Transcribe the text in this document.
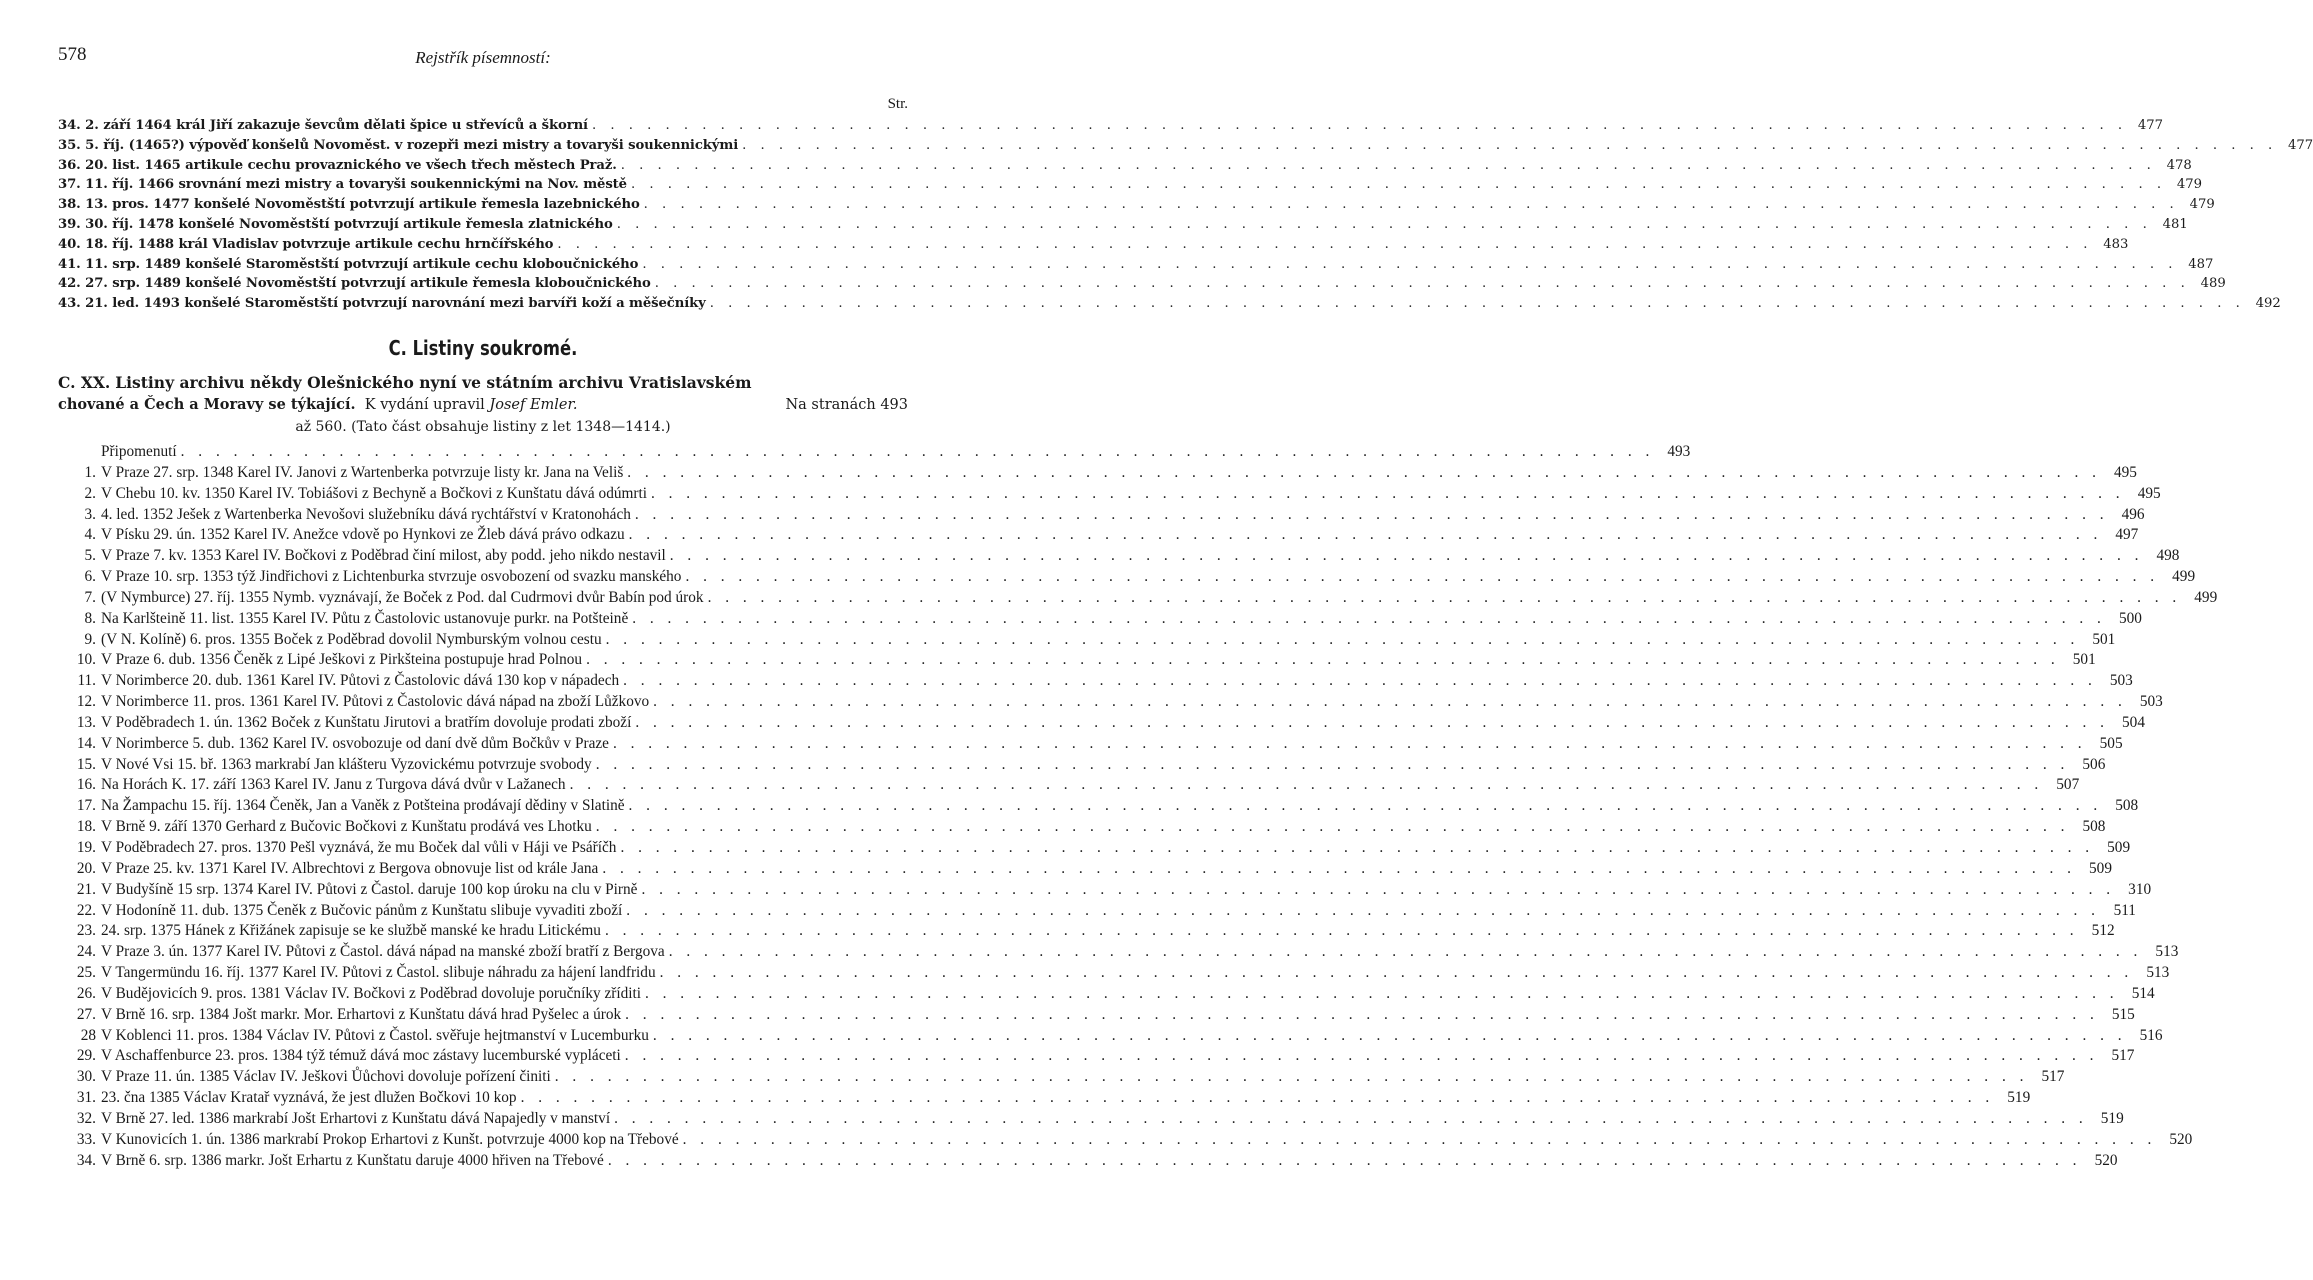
578	Rejstřík písemností:
Str.
34. 2. září 1464 král Jiří zakazuje ševcům dělati špice u střevíců a škorní . . . . . . . . . . . . . . . . . . . . . . . . . . . . . . . . . . . . . . . . . . . . . . . . . . . . . . . . . . . . . . . . . . . . . . . . . . . . . . . . . . . . 477
35. 5. říj. (1465?) výpověď konšelů Novoměst. v rozepři mezi mistry a tovaryši soukennickými . . . . . . . . . . . . . . . . . . . . . . . . . . . . . . . . . . . . . . . . . . . . . . . . . . . . . . . . . . . . . . . . . . . . . . . . . . . . . . . . . . . . 477
36. 20. list. 1465 artikule cechu provaznického ve všech třech městech Praž. . . . . . . . . . . . . . . . . . . . . . . . . . . . . . . . . . . . . . . . . . . . . . . . . . . . . . . . . . . . . . . . . . . . . . . . . . . . . . . . . . . . . 478
37. 11. říj. 1466 srovnání mezi mistry a tovaryši soukennickými na Nov. městě . . . . . . . . . . . . . . . . . . . . . . . . . . . . . . . . . . . . . . . . . . . . . . . . . . . . . . . . . . . . . . . . . . . . . . . . . . . . . . . . . . . . 479
38. 13. pros. 1477 konšelé Novoměstští potvrzují artikule řemesla lazebnického . . . . . . . . . . . . . . . . . . . . . . . . . . . . . . . . . . . . . . . . . . . . . . . . . . . . . . . . . . . . . . . . . . . . . . . . . . . . . . . . . . . . 479
39. 30. říj. 1478 konšelé Novoměstští potvrzují artikule řemesla zlatnického . . . . . . . . . . . . . . . . . . . . . . . . . . . . . . . . . . . . . . . . . . . . . . . . . . . . . . . . . . . . . . . . . . . . . . . . . . . . . . . . . . . . 481
40. 18. říj. 1488 král Vladislav potvrzuje artikule cechu hrnčířského . . . . . . . . . . . . . . . . . . . . . . . . . . . . . . . . . . . . . . . . . . . . . . . . . . . . . . . . . . . . . . . . . . . . . . . . . . . . . . . . . . . . 483
41. 11. srp. 1489 konšelé Staroměstští potvrzují artikule cechu kloboučnického . . . . . . . . . . . . . . . . . . . . . . . . . . . . . . . . . . . . . . . . . . . . . . . . . . . . . . . . . . . . . . . . . . . . . . . . . . . . . . . . . . . . 487
42. 27. srp. 1489 konšelé Novoměstští potvrzují artikule řemesla kloboučnického . . . . . . . . . . . . . . . . . . . . . . . . . . . . . . . . . . . . . . . . . . . . . . . . . . . . . . . . . . . . . . . . . . . . . . . . . . . . . . . . . . . . 489
43. 21. led. 1493 konšelé Staroměstští potvrzují narovnání mezi barvíři koží a měšečníky . . . . . . . . . . . . . . . . . . . . . . . . . . . . . . . . . . . . . . . . . . . . . . . . . . . . . . . . . . . . . . . . . . . . . . . . . . . . . . . . . . . . 492
C. Listiny soukromé.
C. XX. Listiny archivu někdy Olešnického nyní ve státním archivu Vratislavském
chované a Čech a Moravy se týkající. K vydání upravil Josef Emler.	Na stranách 493
až 560. (Tato část obsahuje listiny z let 1348—1414.)
Připomenutí . . . . . . . . . . . . . . . . . . . . . . . . . . . . . . . . . . . . . . . . . . . . . . . . . . . . . . . . . . . . . . . . . . . . . . . . . . . . . . . . . . . . 493
1. V Praze 27. srp. 1348 Karel IV. Janovi z Wartenberka potvrzuje listy kr. Jana na Veliš . . . . . . . . . . . . . . . . . . . . . . . . . . . . . . . . . . . . . . . . . . . . . . . . . . . . . . . . . . . . . . . . . . . . . . . . . . . . . . . . . . . . 495
2. V Chebu 10. kv. 1350 Karel IV. Tobiášovi z Bechyně a Bočkovi z Kunštatu dává odúmrti . . . . . . . . . . . . . . . . . . . . . . . . . . . . . . . . . . . . . . . . . . . . . . . . . . . . . . . . . . . . . . . . . . . . . . . . . . . . . . . . . . . . 495
3. 4. led. 1352 Ješek z Wartenberka Nevošovi služebníku dává rychtářství v Kratonohách . . . . . . . . . . . . . . . . . . . . . . . . . . . . . . . . . . . . . . . . . . . . . . . . . . . . . . . . . . . . . . . . . . . . . . . . . . . . . . . . . . . . 496
4. V Písku 29. ún. 1352 Karel IV. Anežce vdově po Hynkovi ze Žleb dává právo odkazu . . . . . . . . . . . . . . . . . . . . . . . . . . . . . . . . . . . . . . . . . . . . . . . . . . . . . . . . . . . . . . . . . . . . . . . . . . . . . . . . . . . . 497
5. V Praze 7. kv. 1353 Karel IV. Bočkovi z Poděbrad činí milost, aby podd. jeho nikdo nestavil . . . . . . . . . . . . . . . . . . . . . . . . . . . . . . . . . . . . . . . . . . . . . . . . . . . . . . . . . . . . . . . . . . . . . . . . . . . . . . . . . . . . 498
6. V Praze 10. srp. 1353 týž Jindřichovi z Lichtenburka stvrzuje osvobození od svazku manského . . . . . . . . . . . . . . . . . . . . . . . . . . . . . . . . . . . . . . . . . . . . . . . . . . . . . . . . . . . . . . . . . . . . . . . . . . . . . . . . . . . . 499
7. (V Nymburce) 27. říj. 1355 Nymb. vyznávají, že Boček z Pod. dal Cudrmovi dvůr Babín pod úrok . . . . . . . . . . . . . . . . . . . . . . . . . . . . . . . . . . . . . . . . . . . . . . . . . . . . . . . . . . . . . . . . . . . . . . . . . . . . . . . . . . . . 499
8. Na Karlšteině 11. list. 1355 Karel IV. Půtu z Častolovic ustanovuje purkr. na Potšteině . . . . . . . . . . . . . . . . . . . . . . . . . . . . . . . . . . . . . . . . . . . . . . . . . . . . . . . . . . . . . . . . . . . . . . . . . . . . . . . . . . . . 500
9. (V N. Kolíně) 6. pros. 1355 Boček z Poděbrad dovolil Nymburským volnou cestu . . . . . . . . . . . . . . . . . . . . . . . . . . . . . . . . . . . . . . . . . . . . . . . . . . . . . . . . . . . . . . . . . . . . . . . . . . . . . . . . . . . . 501
10. V Praze 6. dub. 1356 Čeněk z Lipé Ješkovi z Pirkšteina postupuje hrad Polnou . . . . . . . . . . . . . . . . . . . . . . . . . . . . . . . . . . . . . . . . . . . . . . . . . . . . . . . . . . . . . . . . . . . . . . . . . . . . . . . . . . . . 501
11. V Norimberce 20. dub. 1361 Karel IV. Půtovi z Častolovic dává 130 kop v nápadech . . . . . . . . . . . . . . . . . . . . . . . . . . . . . . . . . . . . . . . . . . . . . . . . . . . . . . . . . . . . . . . . . . . . . . . . . . . . . . . . . . . . 503
12. V Norimberce 11. pros. 1361 Karel IV. Půtovi z Častolovic dává nápad na zboží Lůžkovo . . . . . . . . . . . . . . . . . . . . . . . . . . . . . . . . . . . . . . . . . . . . . . . . . . . . . . . . . . . . . . . . . . . . . . . . . . . . . . . . . . . . 503
13. V Poděbradech 1. ún. 1362 Boček z Kunštatu Jirutovi a bratřím dovoluje prodati zboží . . . . . . . . . . . . . . . . . . . . . . . . . . . . . . . . . . . . . . . . . . . . . . . . . . . . . . . . . . . . . . . . . . . . . . . . . . . . . . . . . . . . 504
14. V Norimberce 5. dub. 1362 Karel IV. osvobozuje od daní dvě dům Bočkův v Praze . . . . . . . . . . . . . . . . . . . . . . . . . . . . . . . . . . . . . . . . . . . . . . . . . . . . . . . . . . . . . . . . . . . . . . . . . . . . . . . . . . . . 505
15. V Nové Vsi 15. bř. 1363 markrabí Jan klášteru Vyzovickému potvrzuje svobody . . . . . . . . . . . . . . . . . . . . . . . . . . . . . . . . . . . . . . . . . . . . . . . . . . . . . . . . . . . . . . . . . . . . . . . . . . . . . . . . . . . . 506
16. Na Horách K. 17. září 1363 Karel IV. Janu z Turgova dává dvůr v Lažanech . . . . . . . . . . . . . . . . . . . . . . . . . . . . . . . . . . . . . . . . . . . . . . . . . . . . . . . . . . . . . . . . . . . . . . . . . . . . . . . . . . . . 507
17. Na Žampachu 15. říj. 1364 Čeněk, Jan a Vaněk z Potšteina prodávají dědiny v Slatině . . . . . . . . . . . . . . . . . . . . . . . . . . . . . . . . . . . . . . . . . . . . . . . . . . . . . . . . . . . . . . . . . . . . . . . . . . . . . . . . . . . . 508
18. V Brně 9. září 1370 Gerhard z Bučovic Bočkovi z Kunštatu prodává ves Lhotku . . . . . . . . . . . . . . . . . . . . . . . . . . . . . . . . . . . . . . . . . . . . . . . . . . . . . . . . . . . . . . . . . . . . . . . . . . . . . . . . . . . . 508
19. V Poděbradech 27. pros. 1370 Pešl vyznává, že mu Boček dal vůli v Háji ve Psáříčh . . . . . . . . . . . . . . . . . . . . . . . . . . . . . . . . . . . . . . . . . . . . . . . . . . . . . . . . . . . . . . . . . . . . . . . . . . . . . . . . . . . . 509
20. V Praze 25. kv. 1371 Karel IV. Albrechtovi z Bergova obnovuje list od krále Jana . . . . . . . . . . . . . . . . . . . . . . . . . . . . . . . . . . . . . . . . . . . . . . . . . . . . . . . . . . . . . . . . . . . . . . . . . . . . . . . . . . . . 509
21. V Budyšíně 15 srp. 1374 Karel IV. Půtovi z Častol. daruje 100 kop úroku na clu v Pirně . . . . . . . . . . . . . . . . . . . . . . . . . . . . . . . . . . . . . . . . . . . . . . . . . . . . . . . . . . . . . . . . . . . . . . . . . . . . . . . . . . . . 310
22. V Hodoníně 11. dub. 1375 Čeněk z Bučovic pánům z Kunštatu slibuje vyvaditi zboží . . . . . . . . . . . . . . . . . . . . . . . . . . . . . . . . . . . . . . . . . . . . . . . . . . . . . . . . . . . . . . . . . . . . . . . . . . . . . . . . . . . . 511
23. 24. srp. 1375 Hánek z Křižánek zapisuje se ke službě manské ke hradu Litickému . . . . . . . . . . . . . . . . . . . . . . . . . . . . . . . . . . . . . . . . . . . . . . . . . . . . . . . . . . . . . . . . . . . . . . . . . . . . . . . . . . . . 512
24. V Praze 3. ún. 1377 Karel IV. Půtovi z Častol. dává nápad na manské zboží bratří z Bergova . . . . . . . . . . . . . . . . . . . . . . . . . . . . . . . . . . . . . . . . . . . . . . . . . . . . . . . . . . . . . . . . . . . . . . . . . . . . . . . . . . . . 513
25. V Tangermündu 16. říj. 1377 Karel IV. Půtovi z Častol. slibuje náhradu za hájení landfridu . . . . . . . . . . . . . . . . . . . . . . . . . . . . . . . . . . . . . . . . . . . . . . . . . . . . . . . . . . . . . . . . . . . . . . . . . . . . . . . . . . . . 513
26. V Budějovicích 9. pros. 1381 Václav IV. Bočkovi z Poděbrad dovoluje poručníky zříditi . . . . . . . . . . . . . . . . . . . . . . . . . . . . . . . . . . . . . . . . . . . . . . . . . . . . . . . . . . . . . . . . . . . . . . . . . . . . . . . . . . . . 514
27. V Brně 16. srp. 1384 Jošt markr. Mor. Erhartovi z Kunštatu dává hrad Pyšelec a úrok . . . . . . . . . . . . . . . . . . . . . . . . . . . . . . . . . . . . . . . . . . . . . . . . . . . . . . . . . . . . . . . . . . . . . . . . . . . . . . . . . . . . 515
28 V Koblenci 11. pros. 1384 Václav IV. Půtovi z Častol. svěřuje hejtmanství v Lucemburku . . . . . . . . . . . . . . . . . . . . . . . . . . . . . . . . . . . . . . . . . . . . . . . . . . . . . . . . . . . . . . . . . . . . . . . . . . . . . . . . . . . . 516
29. V Aschaffenburce 23. pros. 1384 týž témuž dává moc zástavy lucemburské vypláceti . . . . . . . . . . . . . . . . . . . . . . . . . . . . . . . . . . . . . . . . . . . . . . . . . . . . . . . . . . . . . . . . . . . . . . . . . . . . . . . . . . . . 517
30. V Praze 11. ún. 1385 Václav IV. Ješkovi Ůůchovi dovoluje pořízení činiti . . . . . . . . . . . . . . . . . . . . . . . . . . . . . . . . . . . . . . . . . . . . . . . . . . . . . . . . . . . . . . . . . . . . . . . . . . . . . . . . . . . . 517
31. 23. čna 1385 Václav Kratař vyznává, že jest dlužen Bočkovi 10 kop . . . . . . . . . . . . . . . . . . . . . . . . . . . . . . . . . . . . . . . . . . . . . . . . . . . . . . . . . . . . . . . . . . . . . . . . . . . . . . . . . . . . 519
32. V Brně 27. led. 1386 markrabí Jošt Erhartovi z Kunštatu dává Napajedly v manství . . . . . . . . . . . . . . . . . . . . . . . . . . . . . . . . . . . . . . . . . . . . . . . . . . . . . . . . . . . . . . . . . . . . . . . . . . . . . . . . . . . . 519
33. V Kunovicích 1. ún. 1386 markrabí Prokop Erhartovi z Kunšt. potvrzuje 4000 kop na Třebové . . . . . . . . . . . . . . . . . . . . . . . . . . . . . . . . . . . . . . . . . . . . . . . . . . . . . . . . . . . . . . . . . . . . . . . . . . . . . . . . . . . . 520
34. V Brně 6. srp. 1386 markr. Jošt Erhartu z Kunštatu daruje 4000 hřiven na Třebové . . . . . . . . . . . . . . . . . . . . . . . . . . . . . . . . . . . . . . . . . . . . . . . . . . . . . . . . . . . . . . . . . . . . . . . . . . . . . . . . . . . . 520
